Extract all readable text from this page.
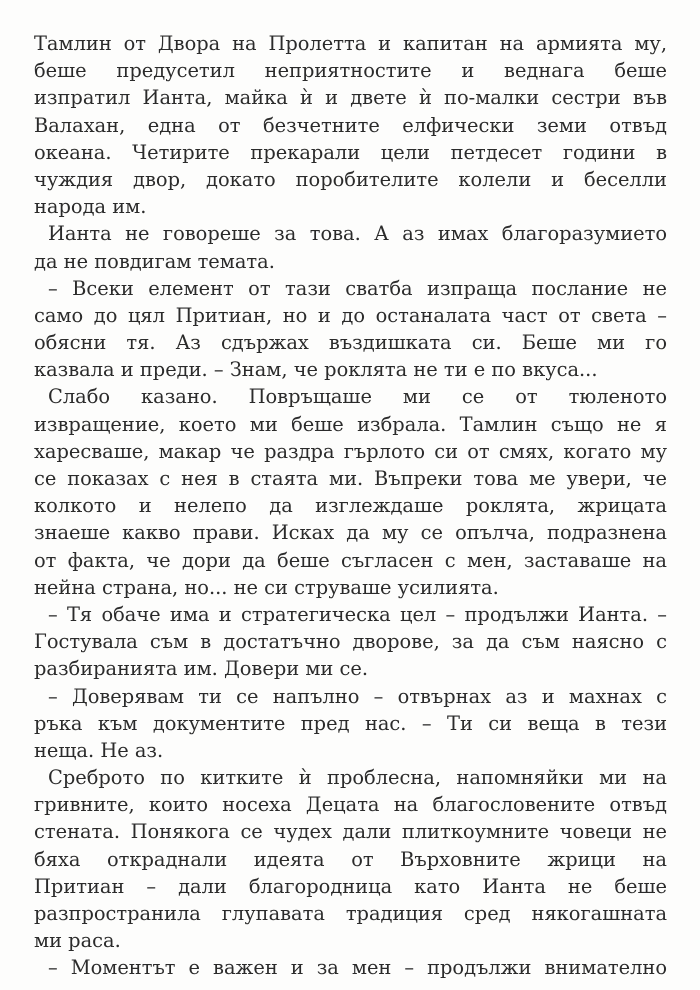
Тамлин от Двора на Пролетта и капитан на армията му,
беше предусетил неприятностите и веднага беше
изпратил Ианта, майка ѝ и двете ѝ по-малки сестри във
Валахан, една от безчетните елфически земи отвъд
океана. Четирите прекарали цели петдесет години в
чуждия двор, докато поробителите колели и беселли
народа им.
Ианта не говореше за това. А аз имах благоразумието
да не повдигам темата.
– Всеки елемент от тази сватба изпраща послание не
само до цял Притиан, но и до останалата част от света –
обясни тя. Аз сдържах въздишката си. Беше ми го
казвала и преди. – Знам, че роклята не ти е по вкуса...
Слабо казано. Повръщаше ми се от тюленото
извращение, което ми беше избрала. Тамлин също не я
харесваше, макар че раздра гърлото си от смях, когато му
се показах с нея в стаята ми. Въпреки това ме увери, че
колкото и нелепо да изглеждаше роклята, жрицата
знаеше какво прави. Исках да му се опълча, подразнена
от факта, че дори да беше съгласен с мен, заставаше на
нейна страна, но... не си струваше усилията.
– Тя обаче има и стратегическа цел – продължи Ианта. –
Гостувала съм в достатъчно дворове, за да съм наясно с
разбиранията им. Довери ми се.
– Доверявам ти се напълно – отвърнах аз и махнах с
ръка към документите пред нас. – Ти си веща в тези
неща. Не аз.
Среброто по китките ѝ проблесна, напомняйки ми на
гривните, които носеха Децата на благословените отвъд
стената. Понякога се чудех дали плиткоумните човеци не
бяха откраднали идеята от Върховните жрици на
Притиан – дали благородница като Ианта не беше
разпространила глупавата традиция сред някогашната
ми раса.
– Моментът е важен и за мен – продължи внимателно
